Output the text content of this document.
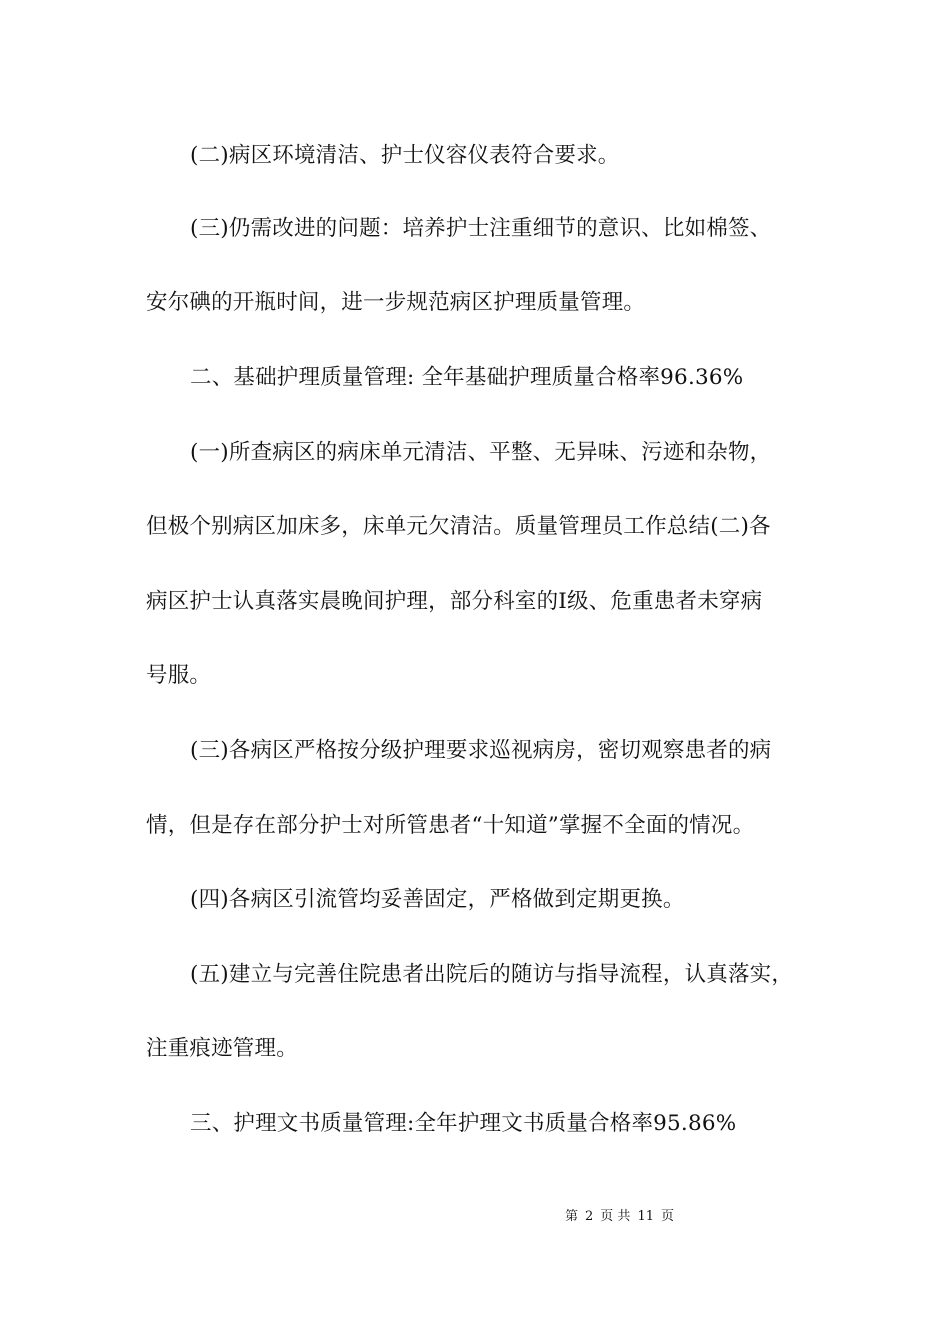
(二)病区环境清洁、护士仪容仪表符合要求。
(三)仍需改进的问题：培养护士注重细节的意识、比如棉签、
安尔碘的开瓶时间，进一步规范病区护理质量管理。
二、基础护理质量管理: 全年基础护理质量合格率96.36%
(一)所查病区的病床单元清洁、平整、无异味、污迹和杂物，
但极个别病区加床多，床单元欠清洁。质量管理员工作总结(二)各
病区护士认真落实晨晚间护理，部分科室的Ⅰ级、危重患者未穿病
号服。
(三)各病区严格按分级护理要求巡视病房，密切观察患者的病
情，但是存在部分护士对所管患者“十知道”掌握不全面的情况。
(四)各病区引流管均妥善固定，严格做到定期更换。
(五)建立与完善住院患者出院后的随访与指导流程，认真落实，
注重痕迹管理。
三、护理文书质量管理:全年护理文书质量合格率95.86%
第 2 页 共 11 页
